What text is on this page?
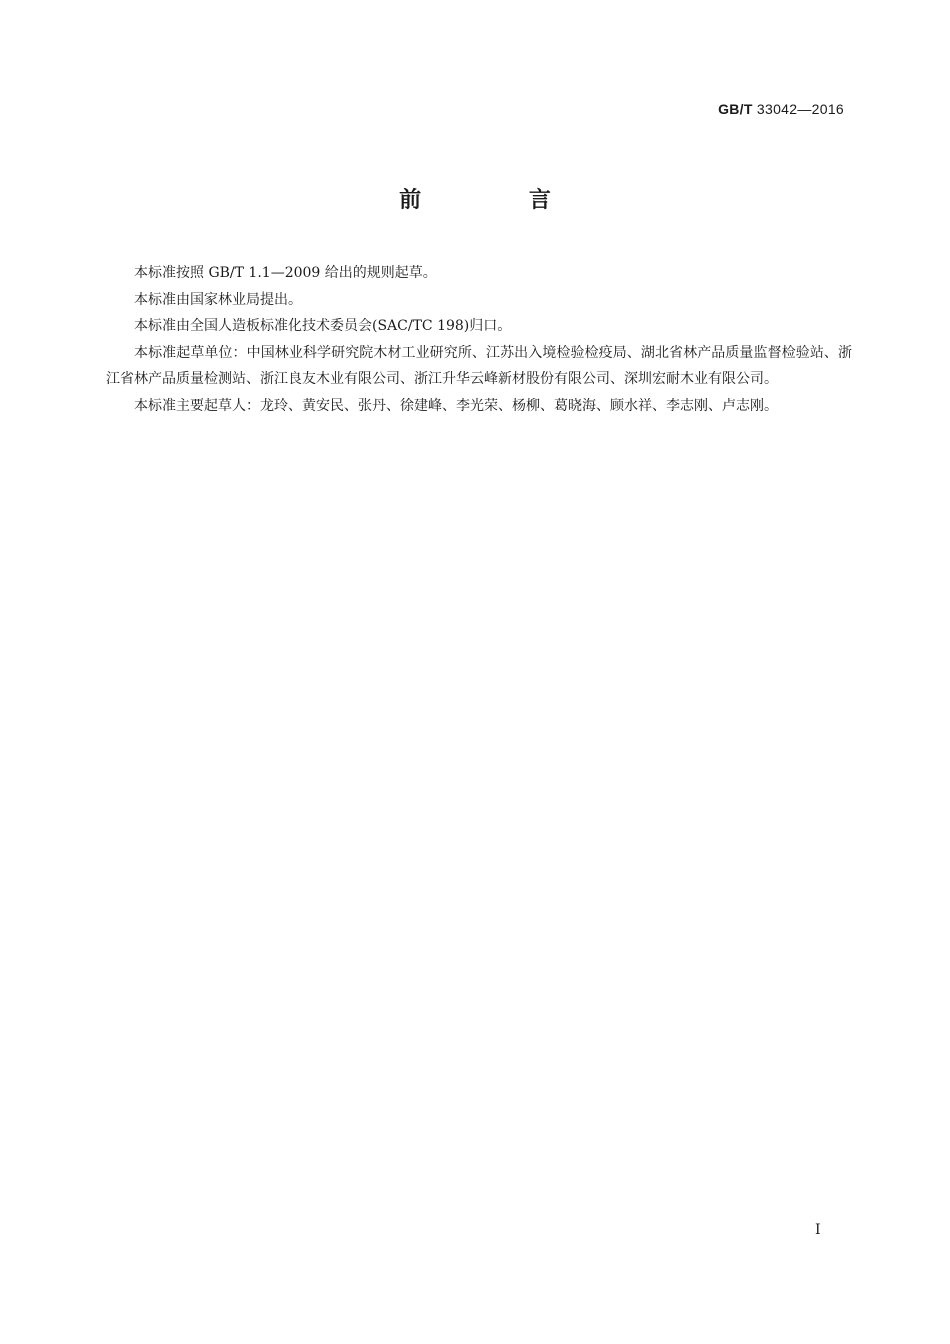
GB/T 33042—2016
前 言

本标准按照 GB/T 1.1—2009 给出的规则起草。

本标准由国家林业局提出。

本标准由全国人造板标准化技术委员会(SAC/TC 198)归口。

本标准起草单位：中国林业科学研究院木材工业研究所、江苏出入境检验检疫局、湖北省林产品质量监督检验站、浙江省林产品质量检测站、浙江良友木业有限公司、浙江升华云峰新材股份有限公司、深圳宏耐木业有限公司。

本标准主要起草人：龙玲、黄安民、张丹、徐建峰、李光荣、杨柳、葛晓海、顾水祥、李志刚、卢志刚。

I
